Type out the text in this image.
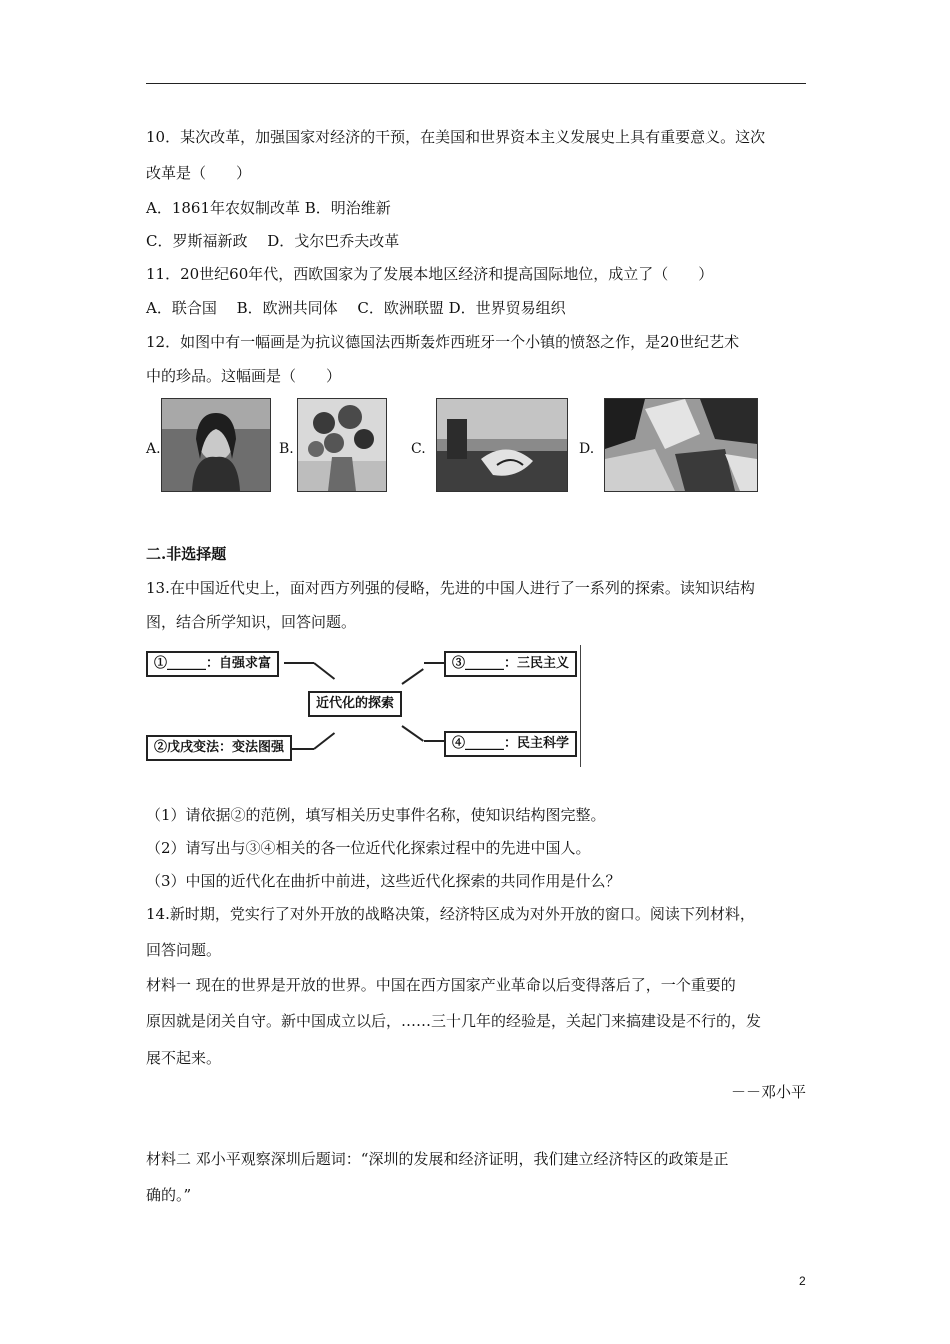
10．某次改革，加强国家对经济的干预，在美国和世界资本主义发展史上具有重要意义。这次
改革是（　　）
A．1861年农奴制改革 B．明治维新
C．罗斯福新政　 D．戈尔巴乔夫改革
11．20世纪60年代，西欧国家为了发展本地区经济和提高国际地位，成立了（　　）
A．联合国　 B．欧洲共同体　 C．欧洲联盟 D．世界贸易组织
12．如图中有一幅画是为抗议德国法西斯轰炸西班牙一个小镇的愤怒之作，是20世纪艺术
中的珍品。这幅画是（　　）
A.	B.	C.	D.
二.非选择题
13.在中国近代史上，面对西方列强的侵略，先进的中国人进行了一系列的探索。读知识结构
图，结合所学知识，回答问题。
①______：自强求富
②戊戌变法：变法图强
近代化的探索
③______：三民主义
④______：民主科学
（1）请依据②的范例，填写相关历史事件名称，使知识结构图完整。
（2）请写出与③④相关的各一位近代化探索过程中的先进中国人。
（3）中国的近代化在曲折中前进，这些近代化探索的共同作用是什么？
14.新时期，党实行了对外开放的战略决策，经济特区成为对外开放的窗口。阅读下列材料，
回答问题。
材料一 现在的世界是开放的世界。中国在西方国家产业革命以后变得落后了，一个重要的
原因就是闭关自守。新中国成立以后，……三十几年的经验是，关起门来搞建设是不行的，发
展不起来。
－－邓小平
材料二 邓小平观察深圳后题词：“深圳的发展和经济证明，我们建立经济特区的政策是正
确的。”
2
